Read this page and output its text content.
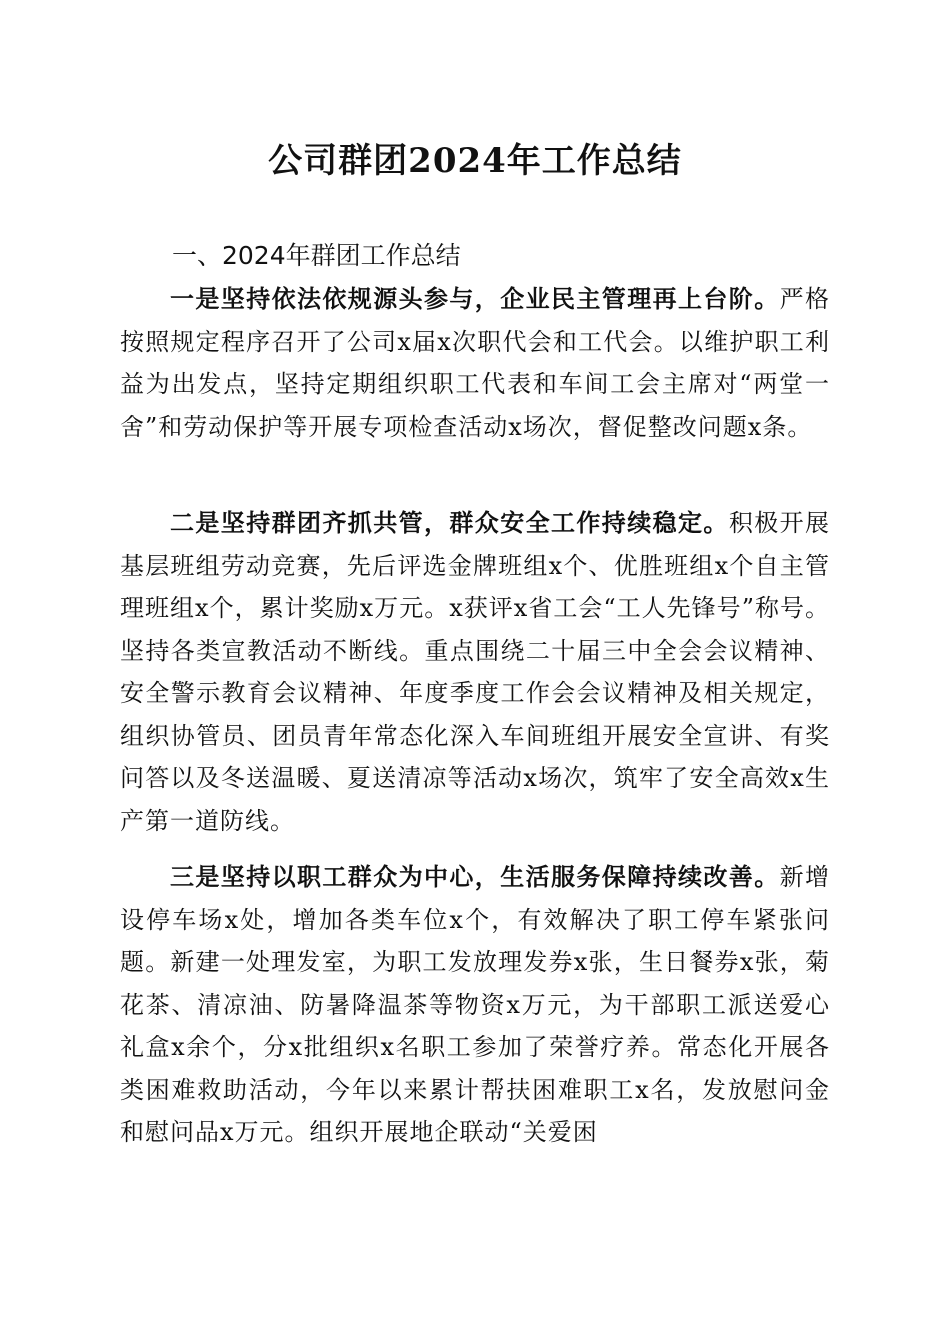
公司群团2024年工作总结
一、2024年群团工作总结

一是坚持依法依规源头参与，企业民主管理再上台阶。严格按照规定程序召开了公司x届x次职代会和工代会。以维护职工利益为出发点，坚持定期组织职工代表和车间工会主席对“两堂一舍”和劳动保护等开展专项检查活动x场次，督促整改问题x条。

二是坚持群团齐抓共管，群众安全工作持续稳定。积极开展基层班组劳动竞赛，先后评选金牌班组x个、优胜班组x个自主管理班组x个，累计奖励x万元。x获评x省工会“工人先锋号”称号。坚持各类宣教活动不断线。重点围绕二十届三中全会会议精神、安全警示教育会议精神、年度季度工作会会议精神及相关规定，组织协管员、团员青年常态化深入车间班组开展安全宣讲、有奖问答以及冬送温暖、夏送清凉等活动x场次，筑牢了安全高效x生产第一道防线。

三是坚持以职工群众为中心，生活服务保障持续改善。新增设停车场x处，增加各类车位x个，有效解决了职工停车紧张问题。新建一处理发室，为职工发放理发券x张，生日餐券x张，菊花茶、清凉油、防暑降温茶等物资x万元，为干部职工派送爱心礼盒x余个，分x批组织x名职工参加了荣誉疗养。常态化开展各类困难救助活动，今年以来累计帮扶困难职工x名，发放慰问金和慰问品x万元。组织开展地企联动“关爱困
